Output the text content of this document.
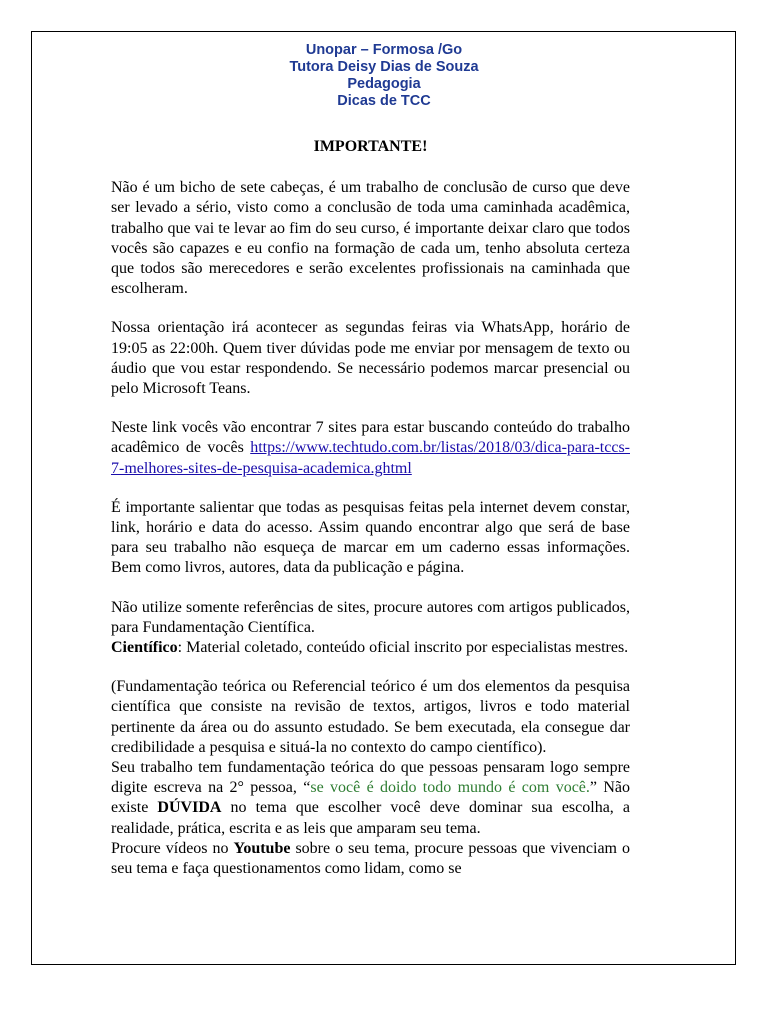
Unopar – Formosa /Go
Tutora Deisy Dias de Souza
Pedagogia
Dicas de TCC

IMPORTANTE!

Não é um bicho de sete cabeças, é um trabalho de conclusão de curso que deve ser levado a sério, visto como a conclusão de toda uma caminhada acadêmica, trabalho que vai te levar ao fim do seu curso, é importante deixar claro que todos vocês são capazes e eu confio na formação de cada um, tenho absoluta certeza que todos são merecedores e serão excelentes profissionais na caminhada que escolheram.

Nossa orientação irá acontecer as segundas feiras via WhatsApp, horário de 19:05 as 22:00h. Quem tiver dúvidas pode me enviar por mensagem de texto ou áudio que vou estar respondendo. Se necessário podemos marcar presencial ou pelo Microsoft Teans.

Neste link vocês vão encontrar 7 sites para estar buscando conteúdo do trabalho acadêmico de vocês https://www.techtudo.com.br/listas/2018/03/dica-para-tccs-7-melhores-sites-de-pesquisa-academica.ghtml

É importante salientar que todas as pesquisas feitas pela internet devem constar, link, horário e data do acesso. Assim quando encontrar algo que será de base para seu trabalho não esqueça de marcar em um caderno essas informações. Bem como livros, autores, data da publicação e página.

Não utilize somente referências de sites, procure autores com artigos publicados, para Fundamentação Científica.

Científico: Material coletado, conteúdo oficial inscrito por especialistas mestres.

(Fundamentação teórica ou Referencial teórico é um dos elementos da pesquisa científica que consiste na revisão de textos, artigos, livros e todo material pertinente da área ou do assunto estudado. Se bem executada, ela consegue dar credibilidade a pesquisa e situá-la no contexto do campo científico).

Seu trabalho tem fundamentação teórica do que pessoas pensaram logo sempre digite escreva na 2° pessoa, “se você é doido todo mundo é com você.” Não existe DÚVIDA no tema que escolher você deve dominar sua escolha, a realidade, prática, escrita e as leis que amparam seu tema.

Procure vídeos no Youtube sobre o seu tema, procure pessoas que vivenciam o seu tema e faça questionamentos como lidam, como se
